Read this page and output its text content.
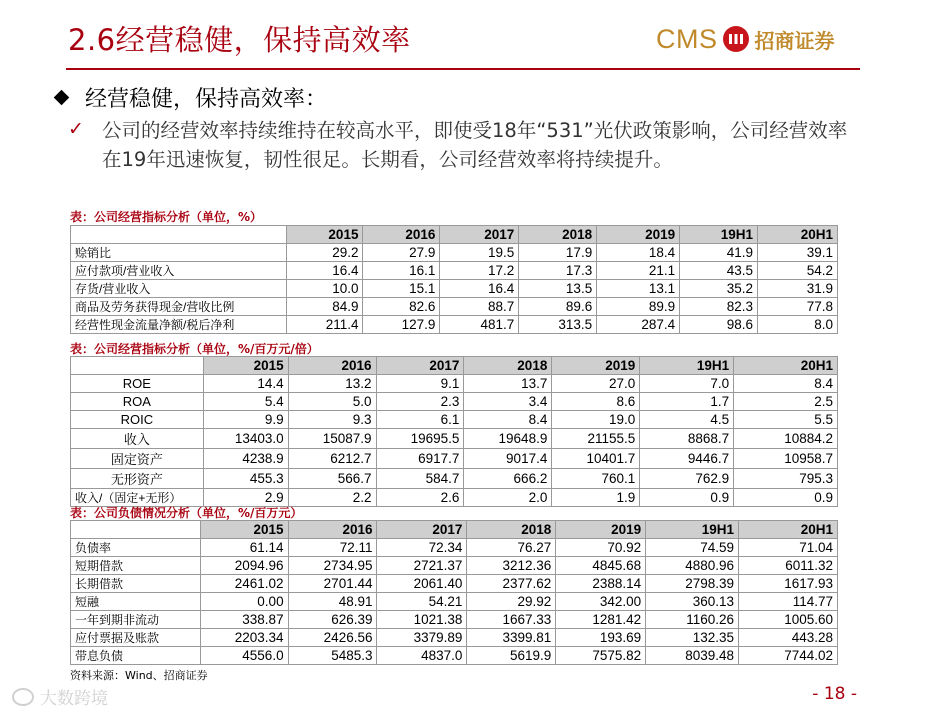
2.6经营稳健，保持高效率	CMS 招商证券
经营稳健，保持高效率：
✓ 公司的经营效率持续维持在较高水平，即使受18年“531”光伏政策影响，公司经营效率在19年迅速恢复，韧性很足。长期看，公司经营效率将持续提升。
表：公司经营指标分析（单位，%）
	2015	2016	2017	2018	2019	19H1	20H1
赊销比	29.2	27.9	19.5	17.9	18.4	41.9	39.1
应付款项/营业收入	16.4	16.1	17.2	17.3	21.1	43.5	54.2
存货/营业收入	10.0	15.1	16.4	13.5	13.1	35.2	31.9
商品及劳务获得现金/营收比例	84.9	82.6	88.7	89.6	89.9	82.3	77.8
经营性现金流量净额/税后净利	211.4	127.9	481.7	313.5	287.4	98.6	8.0
表：公司经营指标分析（单位，%/百万元/倍）
	2015	2016	2017	2018	2019	19H1	20H1
ROE	14.4	13.2	9.1	13.7	27.0	7.0	8.4
ROA	5.4	5.0	2.3	3.4	8.6	1.7	2.5
ROIC	9.9	9.3	6.1	8.4	19.0	4.5	5.5
收入	13403.0	15087.9	19695.5	19648.9	21155.5	8868.7	10884.2
固定资产	4238.9	6212.7	6917.7	9017.4	10401.7	9446.7	10958.7
无形资产	455.3	566.7	584.7	666.2	760.1	762.9	795.3
收入/（固定+无形）	2.9	2.2	2.6	2.0	1.9	0.9	0.9
表：公司负债情况分析（单位，%/百万元）
	2015	2016	2017	2018	2019	19H1	20H1
负债率	61.14	72.11	72.34	76.27	70.92	74.59	71.04
短期借款	2094.96	2734.95	2721.37	3212.36	4845.68	4880.96	6011.32
长期借款	2461.02	2701.44	2061.40	2377.62	2388.14	2798.39	1617.93
短融	0.00	48.91	54.21	29.92	342.00	360.13	114.77
一年到期非流动	338.87	626.39	1021.38	1667.33	1281.42	1160.26	1005.60
应付票据及账款	2203.34	2426.56	3379.89	3399.81	193.69	132.35	443.28
带息负债	4556.0	5485.3	4837.0	5619.9	7575.82	8039.48	7744.02
资料来源：Wind、招商证券
- 18 -
大数跨境
